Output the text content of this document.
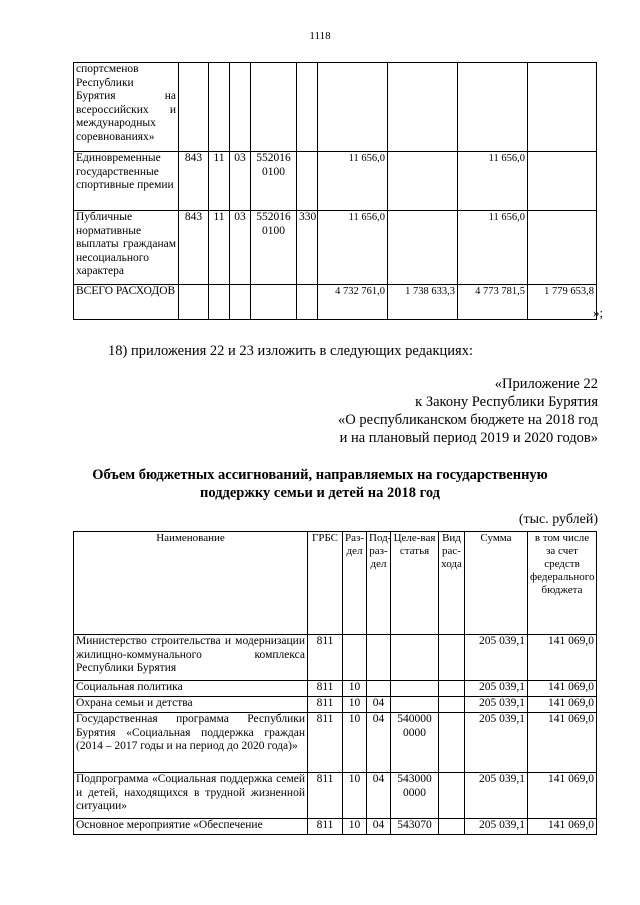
1118
спортсменов Республики Бурятия на всероссийских и международных соревнованиях»									
Единовременные государственные спортивные премии	843	11	03	552016 0100		11 656,0		11 656,0	
Публичные нормативные выплаты гражданам несоциального характера	843	11	03	552016 0100	330	11 656,0		11 656,0	
ВСЕГО РАСХОДОВ						4 732 761,0	1 738 633,3	4 773 781,5	1 779 653,8
»;
18) приложения 22 и 23 изложить в следующих редакциях:
«Приложение 22
к Закону Республики Бурятия
«О республиканском бюджете на 2018 год
и на плановый период 2019 и 2020 годов»
Объем бюджетных ассигнований, направляемых на государственную поддержку семьи и детей на 2018 год
(тыс. рублей)
Наименование	ГРБС	Раз-дел	Под-раз-дел	Целе-вая статья	Вид рас-хода	Сумма	в том числе за счет средств федерального бюджета
Министерство строительства и модернизации жилищно-коммунального комплекса Республики Бурятия	811					205 039,1	141 069,0
Социальная политика	811	10				205 039,1	141 069,0
Охрана семьи и детства	811	10	04			205 039,1	141 069,0
Государственная программа Республики Бурятия «Социальная поддержка граждан (2014 – 2017 годы и на период до 2020 года)»	811	10	04	540000 0000		205 039,1	141 069,0
Подпрограмма «Социальная поддержка семей и детей, находящихся в трудной жизненной ситуации»	811	10	04	543000 0000		205 039,1	141 069,0
Основное мероприятие «Обеспечение	811	10	04	543070		205 039,1	141 069,0
